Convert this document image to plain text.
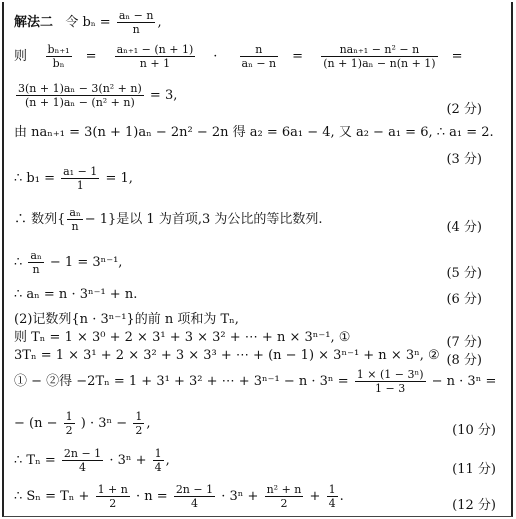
解法二 令 $b_n = \frac{\text{aₙ − n}}{n}$ ,
则 $\frac{\text{bₙ₊₁}}{\text{bₙ}} = \frac{\text{aₙ₊₁ − (n + 1)}}{n + 1} \cdot \frac{n}{\text{aₙ − n}} = \frac{\text{naₙ₊₁ − n² − n}}{\text{(n + 1)aₙ − n(n + 1)}}$ =
$\frac{\text{3(n + 1)aₙ − 3(n² + n)}}{\text{(n + 1)aₙ − (n² + n)}} = 3$,
(2 分)
由 naₙ₊₁ = 3(n + 1)aₙ − 2n² − 2n 得 a₂ = 6a₁ − 4, 又 a₂ − a₁ = 6, ∴ a₁ = 2.
(3 分)
∴ $b_1 = \frac{\text{a₁ − 1}}{1} = 1$,
∴ 数列{ $\frac{\text{aₙ}}{n} - 1$}是以 1 为首项,3 为公比的等比数列.
(4 分)
∴ $\frac{\text{aₙ}}{n} - 1 = 3^{n-1}$,
(5 分)
∴ aₙ = n · 3ⁿ⁻¹ + n.	(6 分)
(2)记数列{n · 3ⁿ⁻¹}的前 n 项和为 Tₙ,
则 Tₙ = 1 × 3⁰ + 2 × 3¹ + 3 × 3² + ⋯ + n × 3ⁿ⁻¹, ①	(7 分)
3Tₙ = 1 × 3¹ + 2 × 3² + 3 × 3³ + ⋯ + (n − 1) × 3ⁿ⁻¹ + n × 3ⁿ, ② (8 分)
① − ②得 −2Tₙ = 1 + 3¹ + 3² + ⋯ + $3^{n-1} - n \cdot 3^n = \frac{\text{1 × (1 − 3ⁿ)}}{1 - 3} - n \cdot 3^n$ =
− ($n - \frac{1}{2}$ ) · $3^n - \frac{1}{2}$ ,	(10 分)
∴ $T_n = \frac{2n - 1}{4} \cdot 3^n + \frac{1}{4}$ ,
(11 分)
∴ $S_n = T_n + \frac{1 + n}{2} \cdot n = \frac{2n - 1}{4} \cdot 3^n + \frac{\text{n² + n}}{2} + \frac{1}{4}$ .
(12 分)
